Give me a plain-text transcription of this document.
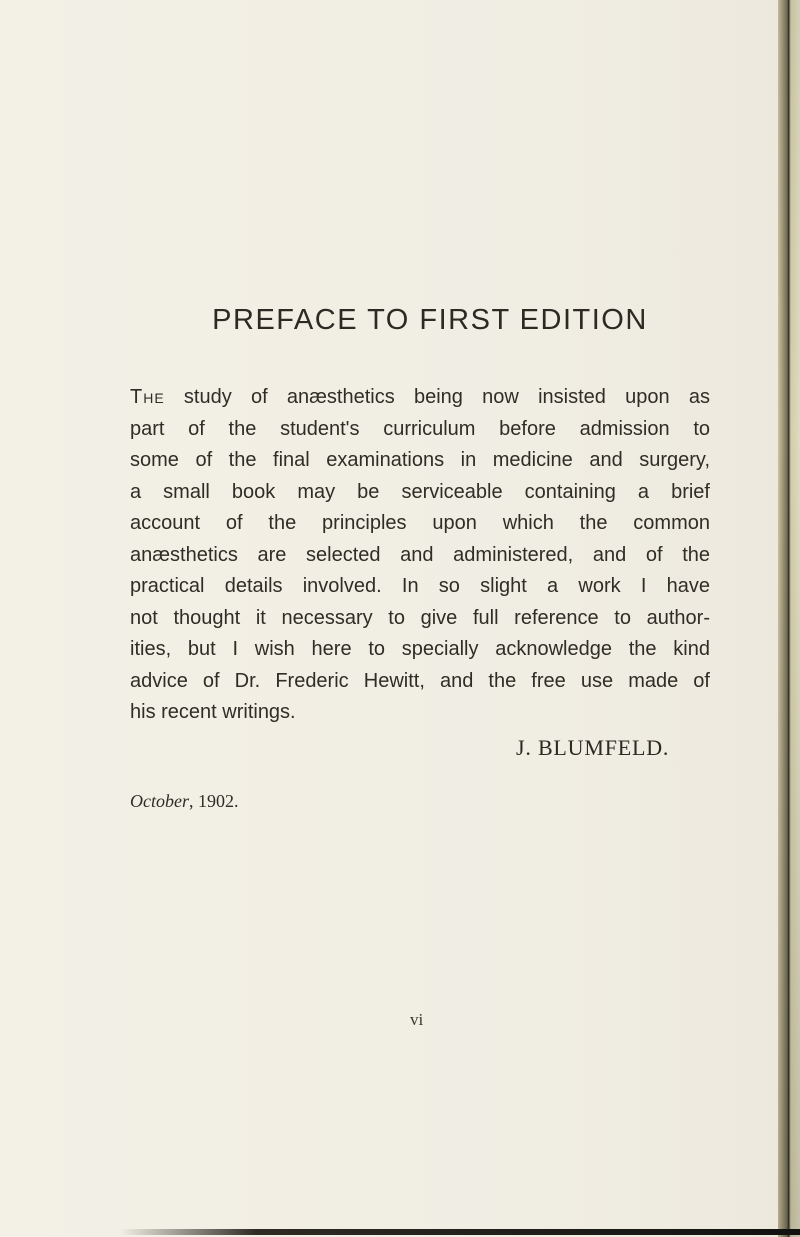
PREFACE TO FIRST EDITION
The study of anæsthetics being now insisted upon as
part of the student's curriculum before admission to
some of the final examinations in medicine and surgery,
a small book may be serviceable containing a brief
account of the principles upon which the common
anæsthetics are selected and administered, and of the
practical details involved. In so slight a work I have
not thought it necessary to give full reference to author-
ities, but I wish here to specially acknowledge the kind
advice of Dr. Frederic Hewitt, and the free use made of
his recent writings.
J. BLUMFELD.
October, 1902.
vi
